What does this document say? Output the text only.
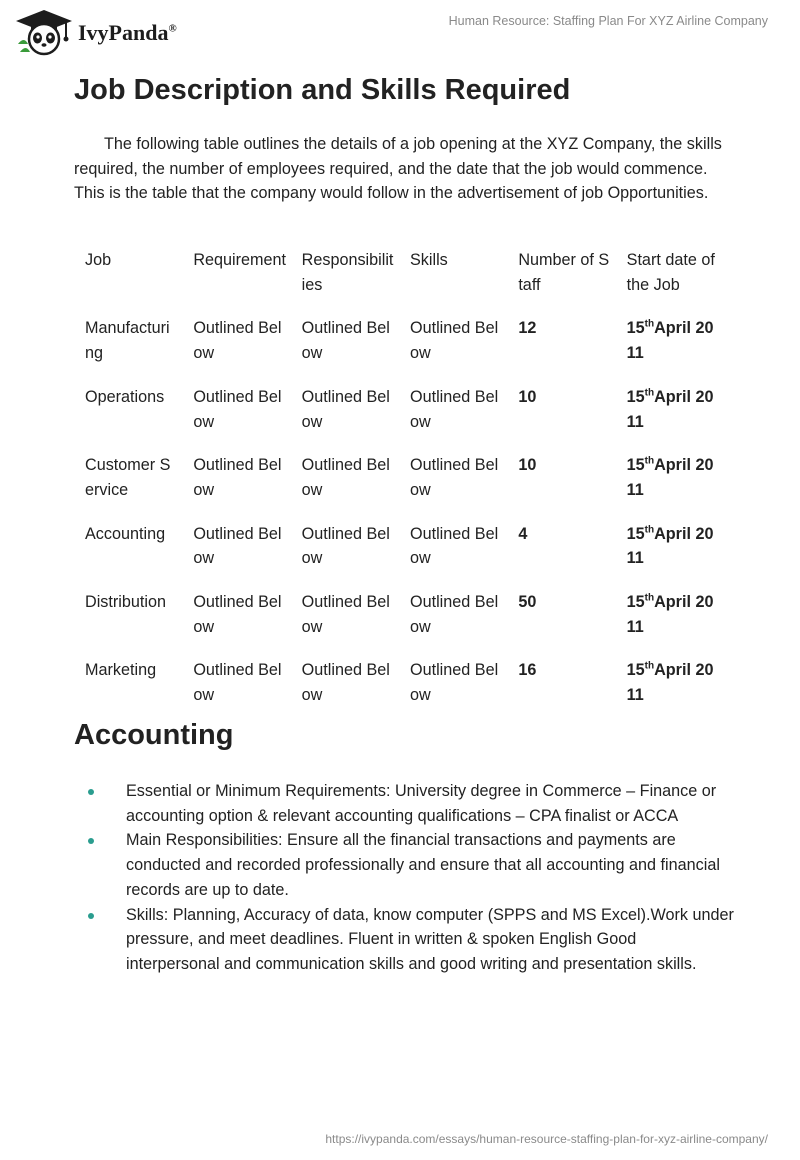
IvyPanda®
Human Resource: Staffing Plan For XYZ Airline Company
Job Description and Skills Required

The following table outlines the details of a job opening at the XYZ Company, the skills required, the number of employees required, and the date that the job would commence. This is the table that the company would follow in the advertisement of job Opportunities.

Job	Requirement	Responsibilities	Skills	Number of Staff	Start date of the Job
Manufacturing	Outlined Below	Outlined Below	Outlined Below	12	15thApril 2011
Operations	Outlined Below	Outlined Below	Outlined Below	10	15thApril 2011
Customer Service	Outlined Below	Outlined Below	Outlined Below	10	15thApril 2011
Accounting	Outlined Below	Outlined Below	Outlined Below	4	15thApril 2011
Distribution	Outlined Below	Outlined Below	Outlined Below	50	15thApril 2011
Marketing	Outlined Below	Outlined Below	Outlined Below	16	15thApril 2011
Accounting
Essential or Minimum Requirements: University degree in Commerce – Finance or accounting option & relevant accounting qualifications – CPA finalist or ACCA
Main Responsibilities: Ensure all the financial transactions and payments are conducted and recorded professionally and ensure that all accounting and financial records are up to date.
Skills: Planning, Accuracy of data, know computer (SPPS and MS Excel).Work under pressure, and meet deadlines. Fluent in written & spoken English Good interpersonal and communication skills and good writing and presentation skills.
https://ivypanda.com/essays/human-resource-staffing-plan-for-xyz-airline-company/
